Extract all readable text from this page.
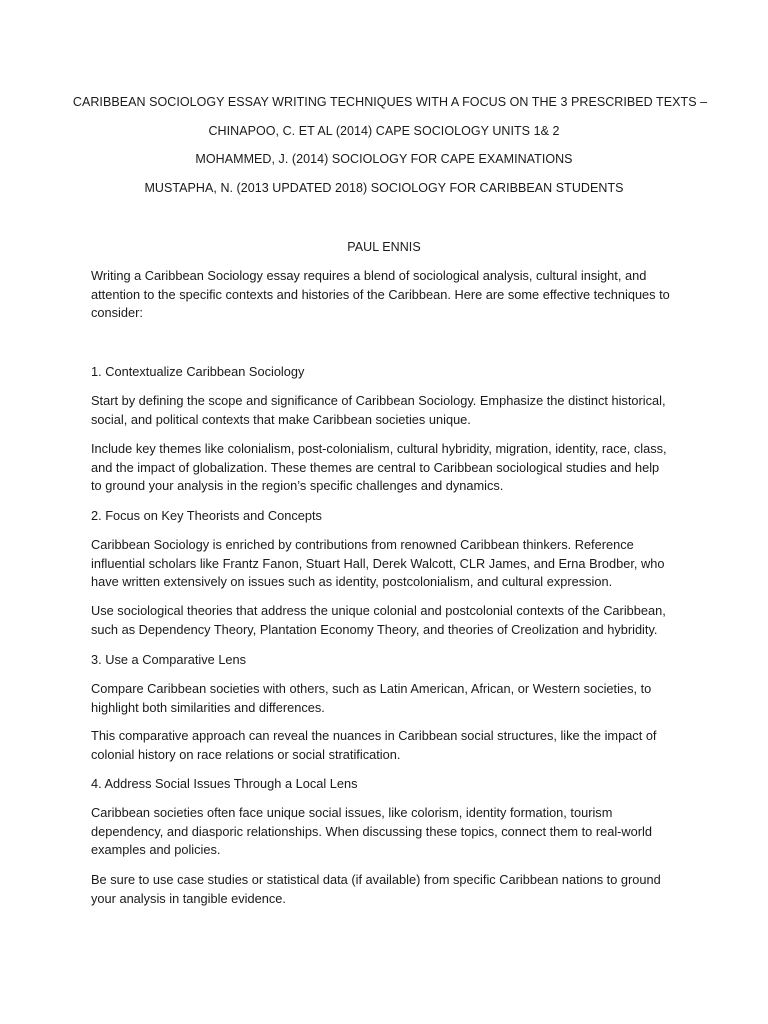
CARIBBEAN SOCIOLOGY ESSAY WRITING TECHNIQUES WITH A FOCUS ON THE 3 PRESCRIBED TEXTS –
CHINAPOO, C. ET AL (2014) CAPE SOCIOLOGY UNITS 1& 2
MOHAMMED, J. (2014) SOCIOLOGY FOR CAPE EXAMINATIONS
MUSTAPHA, N. (2013 UPDATED 2018) SOCIOLOGY FOR CARIBBEAN STUDENTS
PAUL ENNIS

Writing a Caribbean Sociology essay requires a blend of sociological analysis, cultural insight, and attention to the specific contexts and histories of the Caribbean. Here are some effective techniques to consider:

1. Contextualize Caribbean Sociology

Start by defining the scope and significance of Caribbean Sociology. Emphasize the distinct historical, social, and political contexts that make Caribbean societies unique.

Include key themes like colonialism, post-colonialism, cultural hybridity, migration, identity, race, class, and the impact of globalization. These themes are central to Caribbean sociological studies and help to ground your analysis in the region’s specific challenges and dynamics.

2. Focus on Key Theorists and Concepts

Caribbean Sociology is enriched by contributions from renowned Caribbean thinkers. Reference influential scholars like Frantz Fanon, Stuart Hall, Derek Walcott, CLR James, and Erna Brodber, who have written extensively on issues such as identity, postcolonialism, and cultural expression.

Use sociological theories that address the unique colonial and postcolonial contexts of the Caribbean, such as Dependency Theory, Plantation Economy Theory, and theories of Creolization and hybridity.

3. Use a Comparative Lens

Compare Caribbean societies with others, such as Latin American, African, or Western societies, to highlight both similarities and differences.

This comparative approach can reveal the nuances in Caribbean social structures, like the impact of colonial history on race relations or social stratification.

4. Address Social Issues Through a Local Lens

Caribbean societies often face unique social issues, like colorism, identity formation, tourism dependency, and diasporic relationships. When discussing these topics, connect them to real-world examples and policies.

Be sure to use case studies or statistical data (if available) from specific Caribbean nations to ground your analysis in tangible evidence.
